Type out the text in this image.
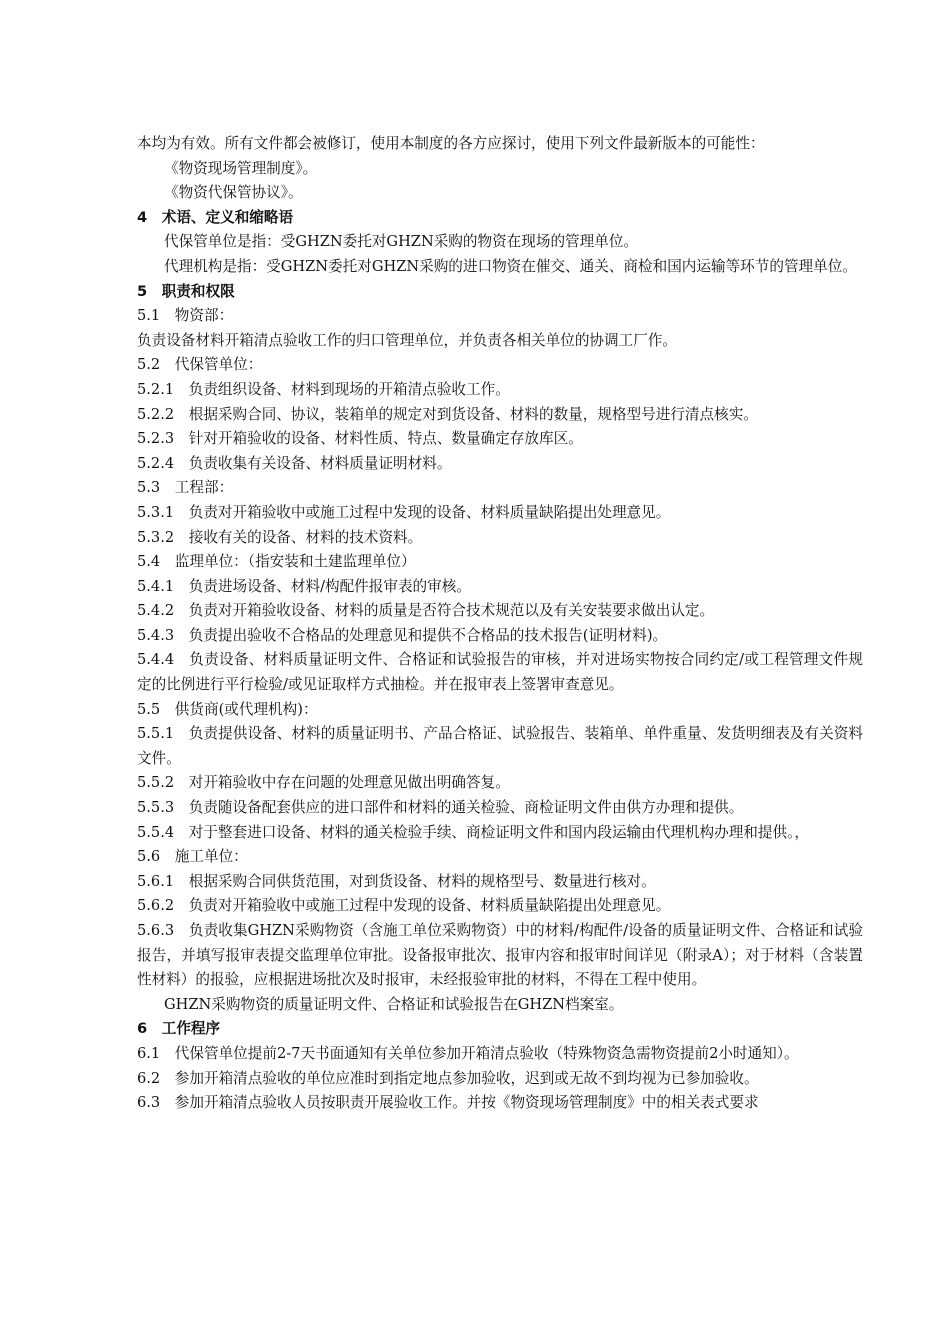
本均为有效。所有文件都会被修订，使用本制度的各方应探讨，使用下列文件最新版本的可能性：
《物资现场管理制度》。
《物资代保管协议》。
4　术语、定义和缩略语
代保管单位是指：受GHZN委托对GHZN采购的物资在现场的管理单位。
代理机构是指：受GHZN委托对GHZN采购的进口物资在催交、通关、商检和国内运输等环节的管理单位。
5　职责和权限
5.1　物资部：
负责设备材料开箱清点验收工作的归口管理单位，并负责各相关单位的协调工厂作。
5.2　代保管单位：
5.2.1　负责组织设备、材料到现场的开箱清点验收工作。
5.2.2　根据采购合同、协议，装箱单的规定对到货设备、材料的数量，规格型号进行清点核实。
5.2.3　针对开箱验收的设备、材料性质、特点、数量确定存放库区。
5.2.4　负责收集有关设备、材料质量证明材料。
5.3　工程部：
5.3.1　负责对开箱验收中或施工过程中发现的设备、材料质量缺陷提出处理意见。
5.3.2　接收有关的设备、材料的技术资料。
5.4　监理单位：（指安装和土建监理单位）
5.4.1　负责进场设备、材料/构配件报审表的审核。
5.4.2　负责对开箱验收设备、材料的质量是否符合技术规范以及有关安装要求做出认定。
5.4.3　负责提出验收不合格品的处理意见和提供不合格品的技术报告(证明材料)。
5.4.4　负责设备、材料质量证明文件、合格证和试验报告的审核，并对进场实物按合同约定/或工程管理文件规定的比例进行平行检验/或见证取样方式抽检。并在报审表上签署审查意见。
5.5　供货商(或代理机构)：
5.5.1　负责提供设备、材料的质量证明书、产品合格证、试验报告、装箱单、单件重量、发货明细表及有关资料文件。
5.5.2　对开箱验收中存在问题的处理意见做出明确答复。
5.5.3　负责随设备配套供应的进口部件和材料的通关检验、商检证明文件由供方办理和提供。
5.5.4　对于整套进口设备、材料的通关检验手续、商检证明文件和国内段运输由代理机构办理和提供。，
5.6　施工单位：
5.6.1　根据采购合同供货范围，对到货设备、材料的规格型号、数量进行核对。
5.6.2　负责对开箱验收中或施工过程中发现的设备、材料质量缺陷提出处理意见。
5.6.3　负责收集GHZN采购物资（含施工单位采购物资）中的材料/构配件/设备的质量证明文件、合格证和试验报告，并填写报审表提交监理单位审批。设备报审批次、报审内容和报审时间详见（附录A）；对于材料（含装置性材料）的报验，应根据进场批次及时报审，未经报验审批的材料，不得在工程中使用。
GHZN采购物资的质量证明文件、合格证和试验报告在GHZN档案室。
6　工作程序
6.1　代保管单位提前2-7天书面通知有关单位参加开箱清点验收（特殊物资急需物资提前2小时通知）。
6.2　参加开箱清点验收的单位应准时到指定地点参加验收，迟到或无故不到均视为已参加验收。
6.3　参加开箱清点验收人员按职责开展验收工作。并按《物资现场管理制度》中的相关表式要求
